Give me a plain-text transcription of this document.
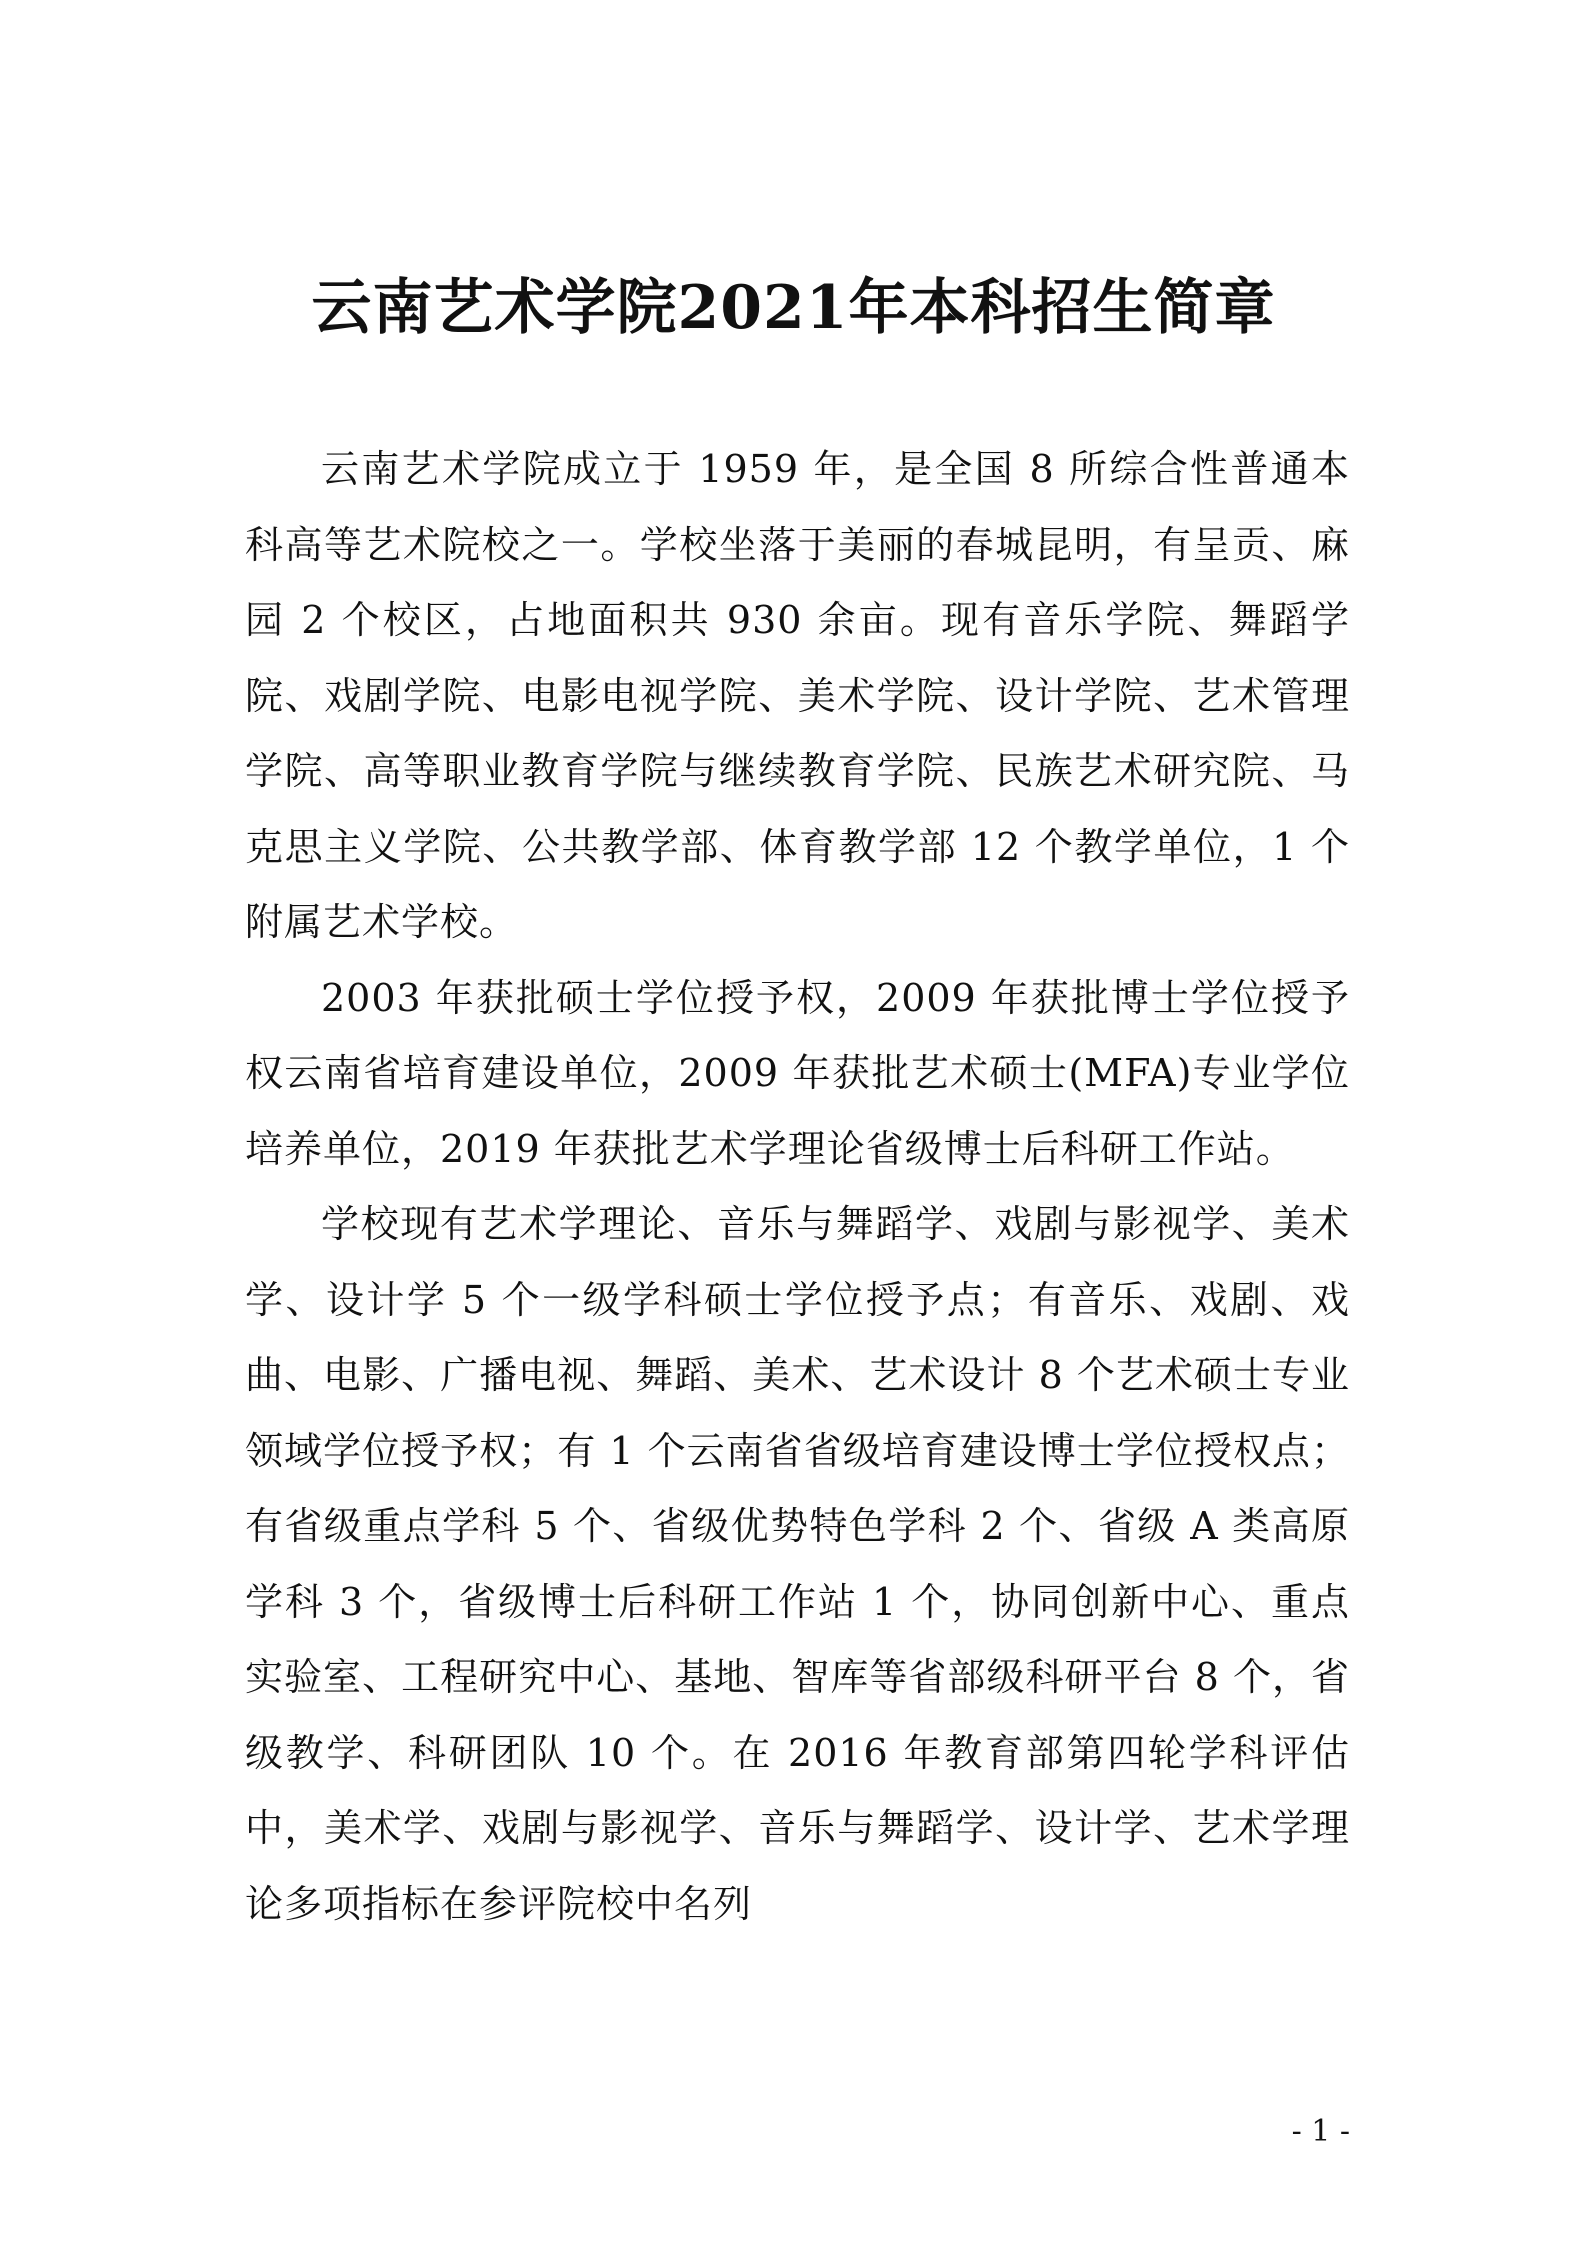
云南艺术学院2021年本科招生简章

云南艺术学院成立于 1959 年，是全国 8 所综合性普通本科高等艺术院校之一。学校坐落于美丽的春城昆明，有呈贡、麻园 2 个校区，占地面积共 930 余亩。现有音乐学院、舞蹈学院、戏剧学院、电影电视学院、美术学院、设计学院、艺术管理学院、高等职业教育学院与继续教育学院、民族艺术研究院、马克思主义学院、公共教学部、体育教学部 12 个教学单位，1 个附属艺术学校。

2003 年获批硕士学位授予权，2009 年获批博士学位授予权云南省培育建设单位，2009 年获批艺术硕士(MFA)专业学位培养单位，2019 年获批艺术学理论省级博士后科研工作站。

学校现有艺术学理论、音乐与舞蹈学、戏剧与影视学、美术学、设计学 5 个一级学科硕士学位授予点；有音乐、戏剧、戏曲、电影、广播电视、舞蹈、美术、艺术设计 8 个艺术硕士专业领域学位授予权；有 1 个云南省省级培育建设博士学位授权点；有省级重点学科 5 个、省级优势特色学科 2 个、省级 A 类高原学科 3 个，省级博士后科研工作站 1 个，协同创新中心、重点实验室、工程研究中心、基地、智库等省部级科研平台 8 个，省级教学、科研团队 10 个。在 2016 年教育部第四轮学科评估中，美术学、戏剧与影视学、音乐与舞蹈学、设计学、艺术学理论多项指标在参评院校中名列

- 1 -
